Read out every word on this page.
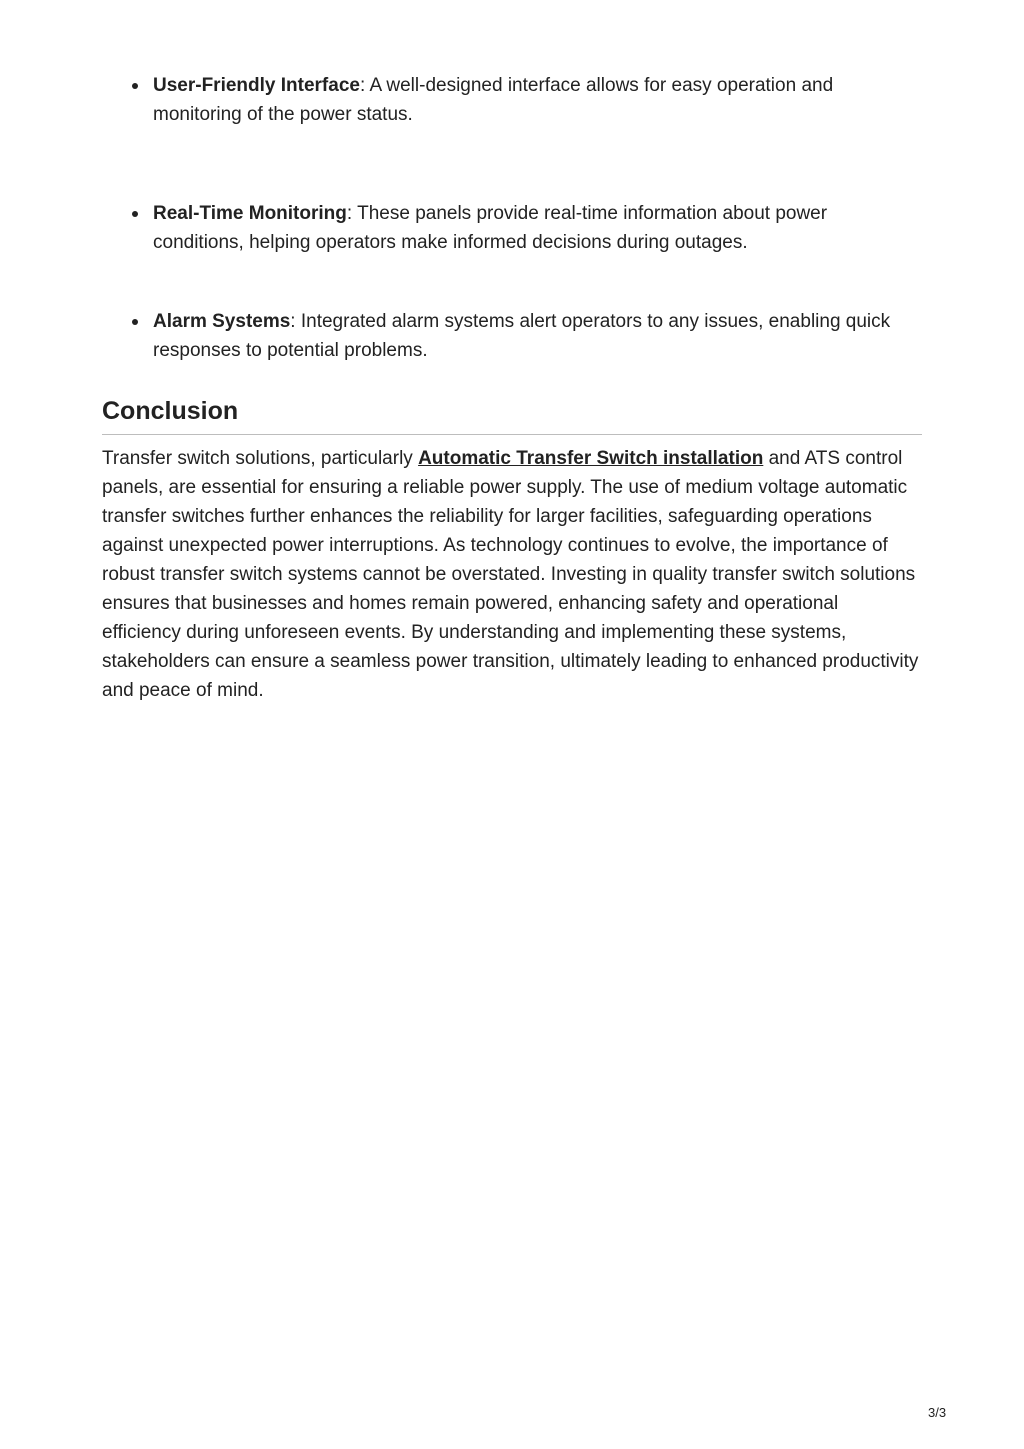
User-Friendly Interface: A well-designed interface allows for easy operation and monitoring of the power status.
Real-Time Monitoring: These panels provide real-time information about power conditions, helping operators make informed decisions during outages.
Alarm Systems: Integrated alarm systems alert operators to any issues, enabling quick responses to potential problems.
Conclusion

Transfer switch solutions, particularly Automatic Transfer Switch installation and ATS control panels, are essential for ensuring a reliable power supply. The use of medium voltage automatic transfer switches further enhances the reliability for larger facilities, safeguarding operations against unexpected power interruptions. As technology continues to evolve, the importance of robust transfer switch systems cannot be overstated. Investing in quality transfer switch solutions ensures that businesses and homes remain powered, enhancing safety and operational efficiency during unforeseen events. By understanding and implementing these systems, stakeholders can ensure a seamless power transition, ultimately leading to enhanced productivity and peace of mind.

3/3
